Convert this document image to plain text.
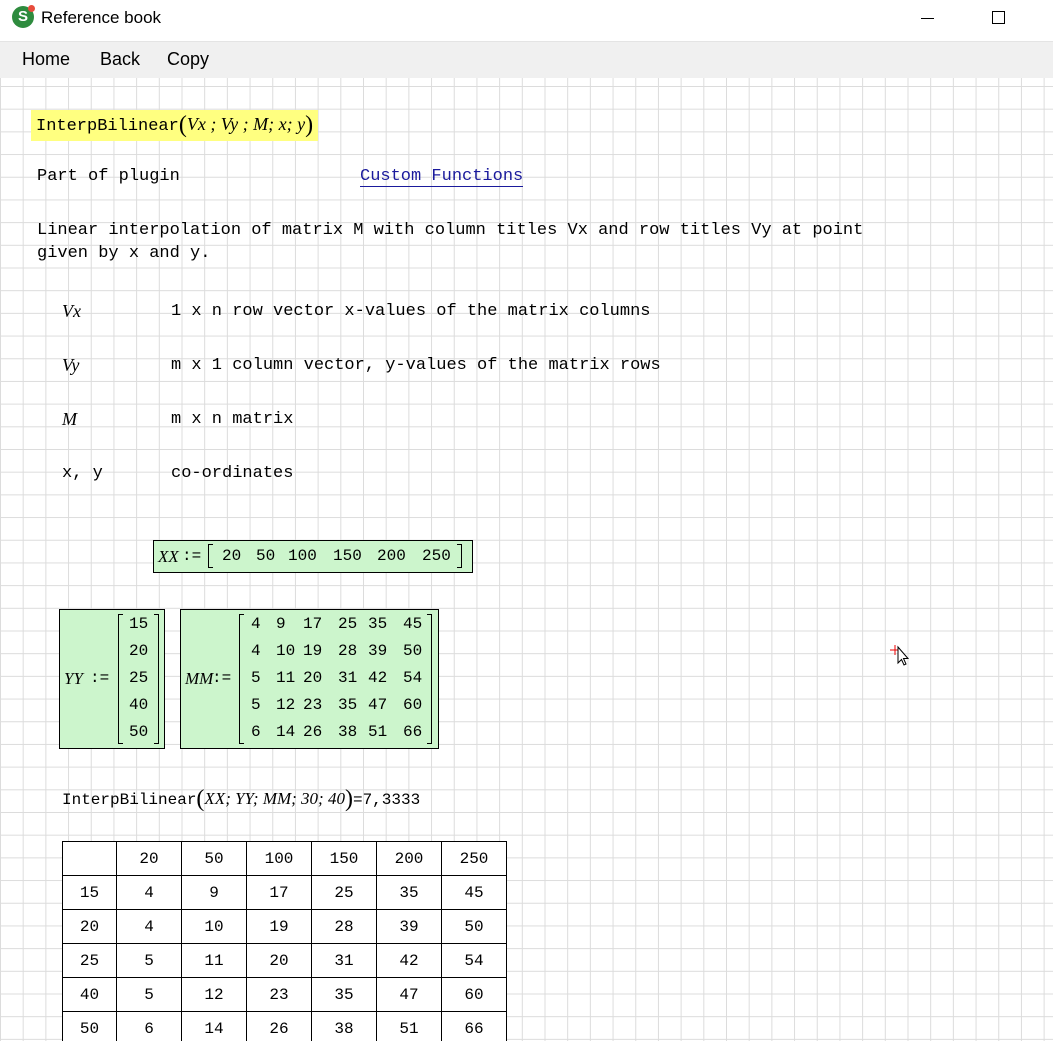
S Reference book
Home Back Copy
InterpBilinear(Vx ; Vy ; M; x; y)
Part of plugin	Custom Functions
Linear interpolation of matrix M with column titles Vx and row titles Vy at point
given by x and y.
Vx	1 x n row vector x-values of the matrix columns
Vy	m x 1 column vector, y-values of the matrix rows
M	m x n matrix
x, y	co-ordinates
XX := 20 50 100 150 200 250
YY :=
15
20
25
40
50
MM
:=
4 9 17 25 35 45
4 10 19 28 39 50
5 11 20 31 42 54
5 12 23 35 47 60
6 14 26 38 51 66
InterpBilinear(XX; YY; MM; 30; 40)=7,3333
	20	50	100	150	200	250
15	4	9	17	25	35	45
20	4	10	19	28	39	50
25	5	11	20	31	42	54
40	5	12	23	35	47	60
50	6	14	26	38	51	66
